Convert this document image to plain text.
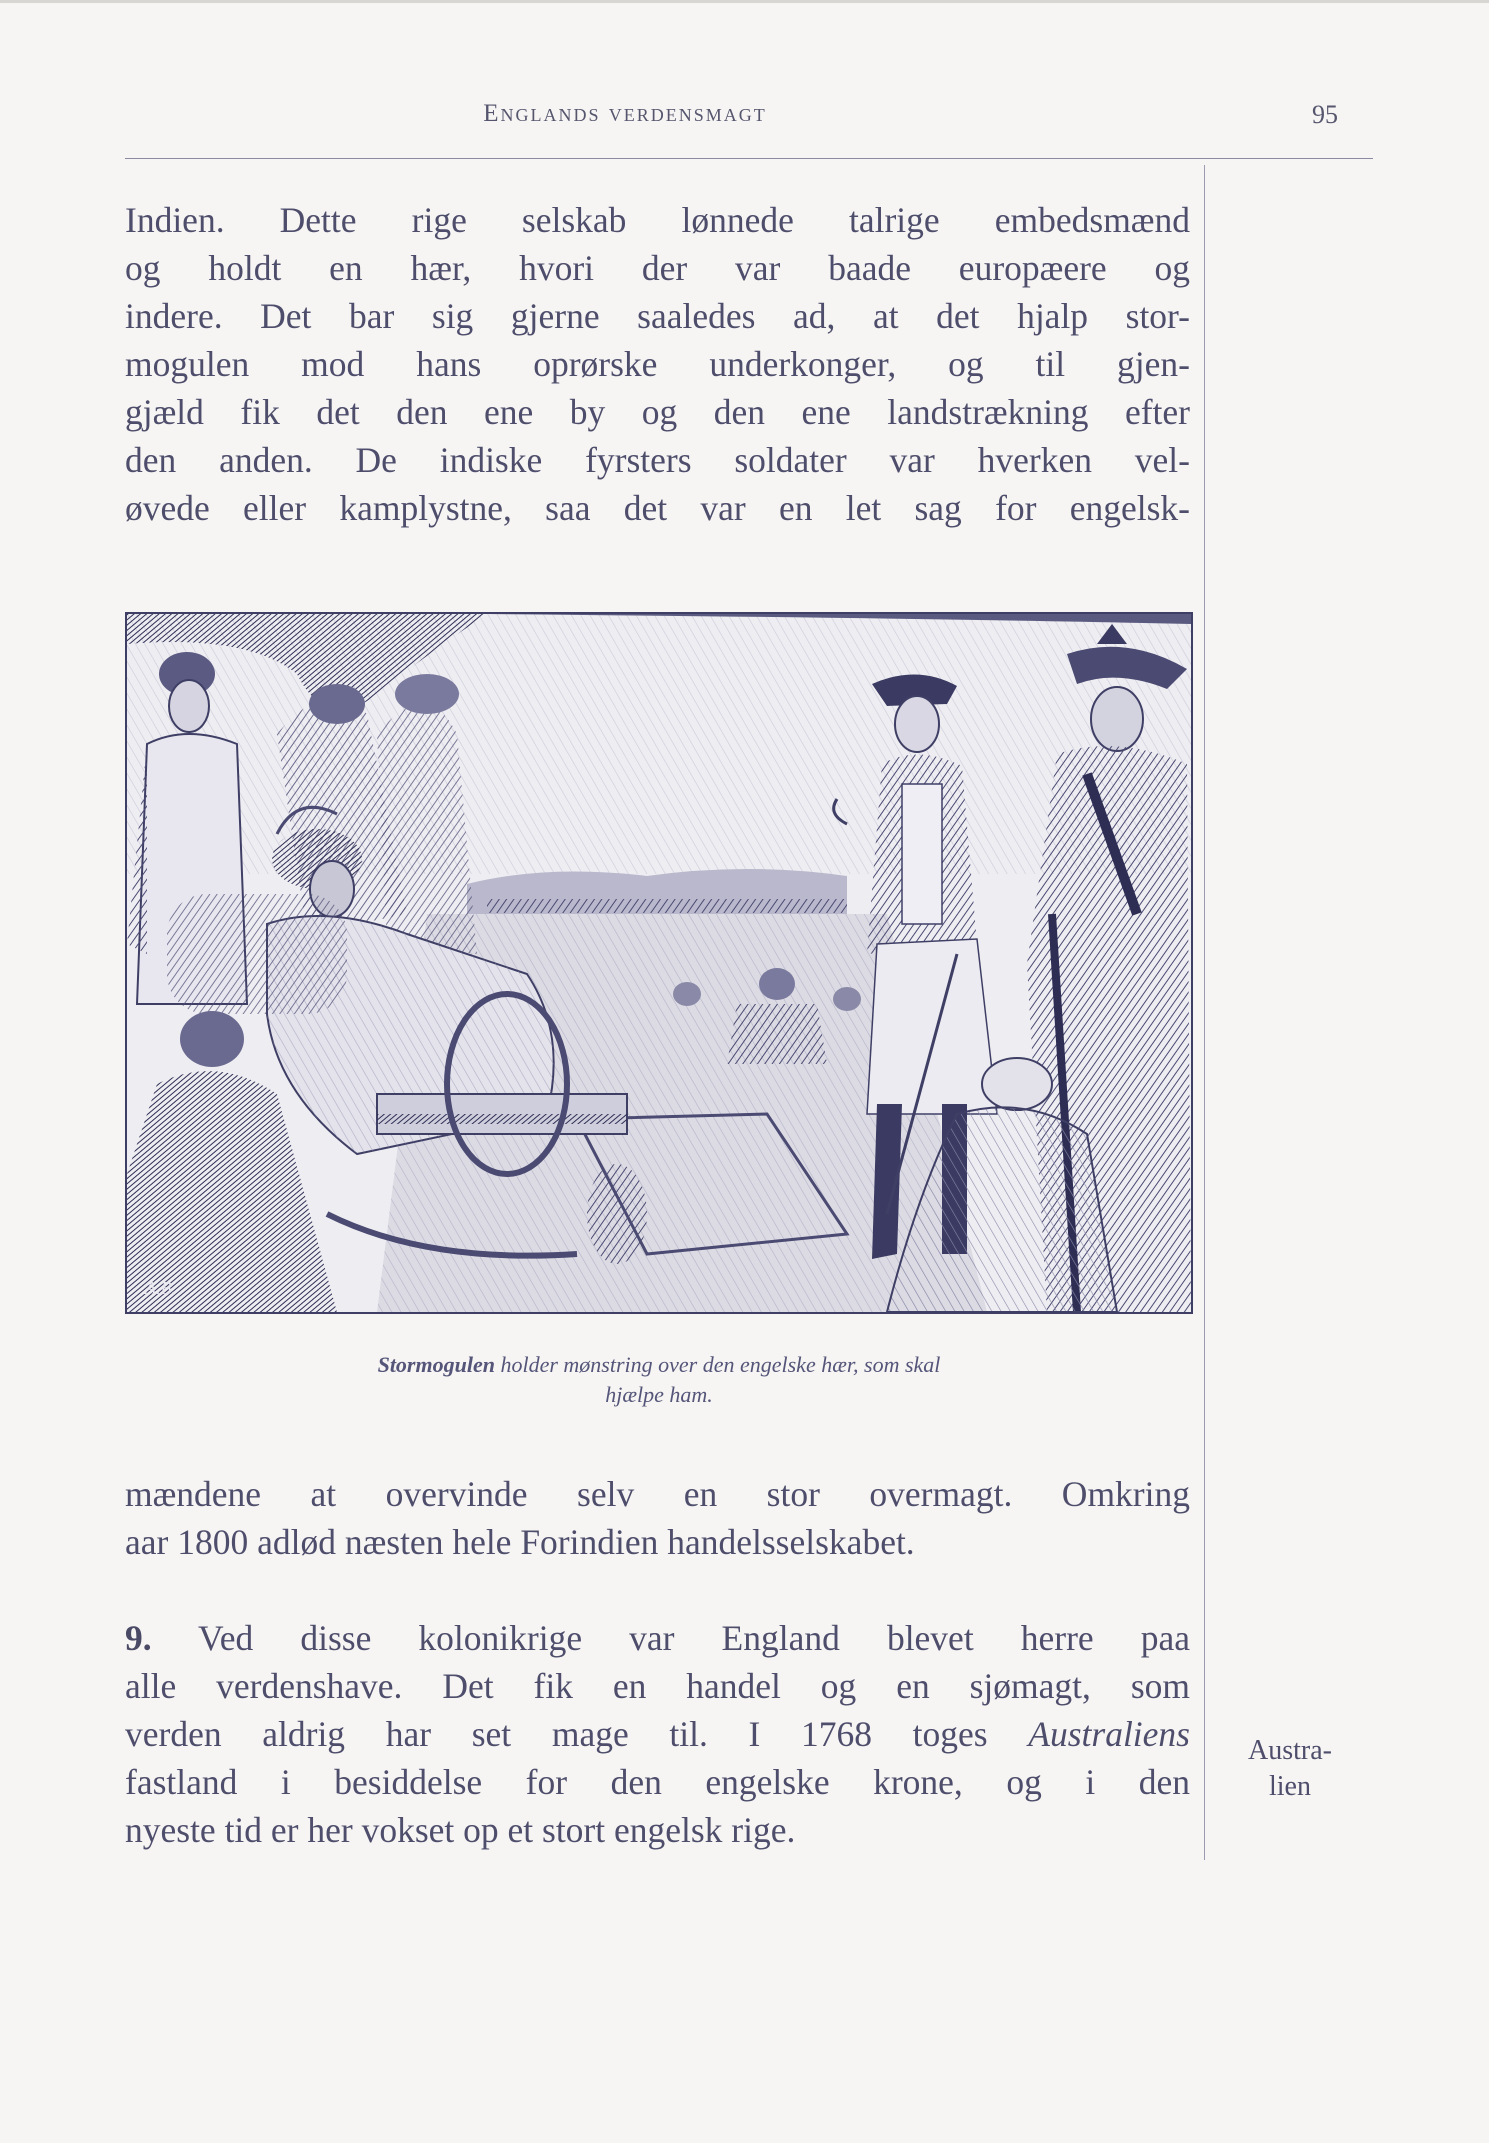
Englands verdensmagt	95
Indien. Dette rige selskab lønnede talrige embedsmænd
og holdt en hær, hvori der var baade europæere og
indere. Det bar sig gjerne saaledes ad, at det hjalp stor-
mogulen mod hans oprørske underkonger, og til gjen-
gjæld fik det den ene by og den ene landstrækning efter
den anden. De indiske fyrsters soldater var hverken vel-
øvede eller kamplystne, saa det var en let sag for engelsk-
A.B.
Stormogulen holder mønstring over den engelske hær, som skal
hjælpe ham.
mændene at overvinde selv en stor overmagt. Omkring
aar 1800 adlød næsten hele Forindien handelsselskabet.
9. Ved disse kolonikrige var England blevet herre paa
alle verdenshave. Det fik en handel og en sjømagt, som
verden aldrig har set mage til. I 1768 toges Australiens
fastland i besiddelse for den engelske krone, og i den
nyeste tid er her vokset op et stort engelsk rige.
Austra-
lien
